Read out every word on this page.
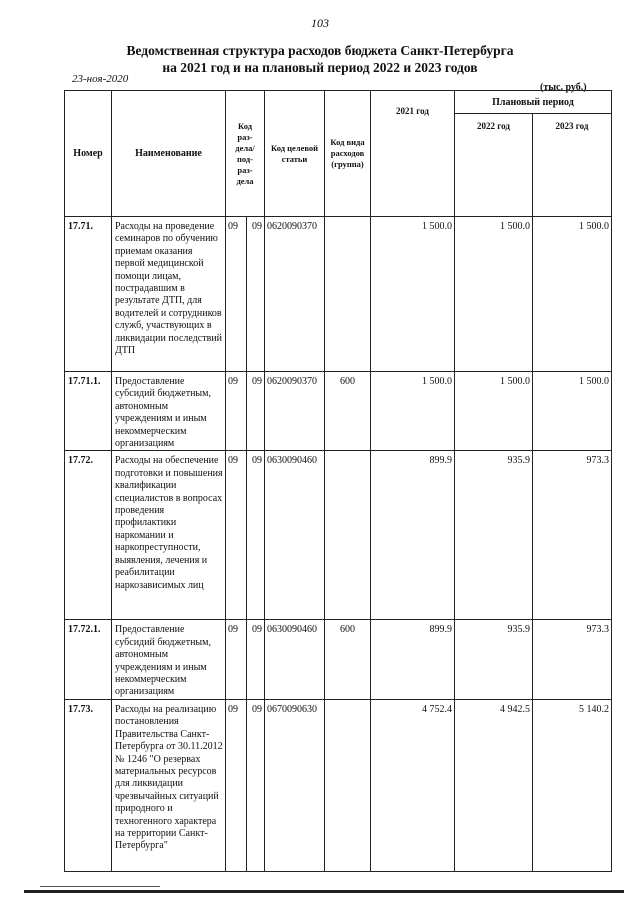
103
Ведомственная структура расходов бюджета Санкт-Петербурга
на 2021 год и на плановый период 2022 и 2023 годов
23-ноя-2020
(тыс. руб.)
Номер	Наименование	Код раз- дела/ под- раз- дела		Код целевой статьи	Код вида расходов (группа)	2021 год	Плановый период	
							2022 год	2023 год
17.71.	Расходы на проведение семинаров по обучению приемам оказания первой медицинской помощи лицам, пострадавшим в результате ДТП, для водителей и сотрудников служб, участвующих в ликвидации последствий ДТП	09	09	0620090370		1 500.0	1 500.0	1 500.0
17.71.1.	Предоставление субсидий бюджетным, автономным учреждениям и иным некоммерческим организациям	09	09	0620090370	600	1 500.0	1 500.0	1 500.0
17.72.	Расходы на обеспечение подготовки и повышения квалификации специалистов в вопросах проведения профилактики наркомании и наркопреступности, выявления, лечения и реабилитации наркозависимых лиц	09	09	0630090460		899.9	935.9	973.3
17.72.1.	Предоставление субсидий бюджетным, автономным учреждениям и иным некоммерческим организациям	09	09	0630090460	600	899.9	935.9	973.3
17.73.	Расходы на реализацию постановления Правительства Санкт-Петербурга от 30.11.2012 № 1246 "О резервах материальных ресурсов для ликвидации чрезвычайных ситуаций природного и техногенного характера на территории Санкт-Петербурга"	09	09	0670090630		4 752.4	4 942.5	5 140.2
